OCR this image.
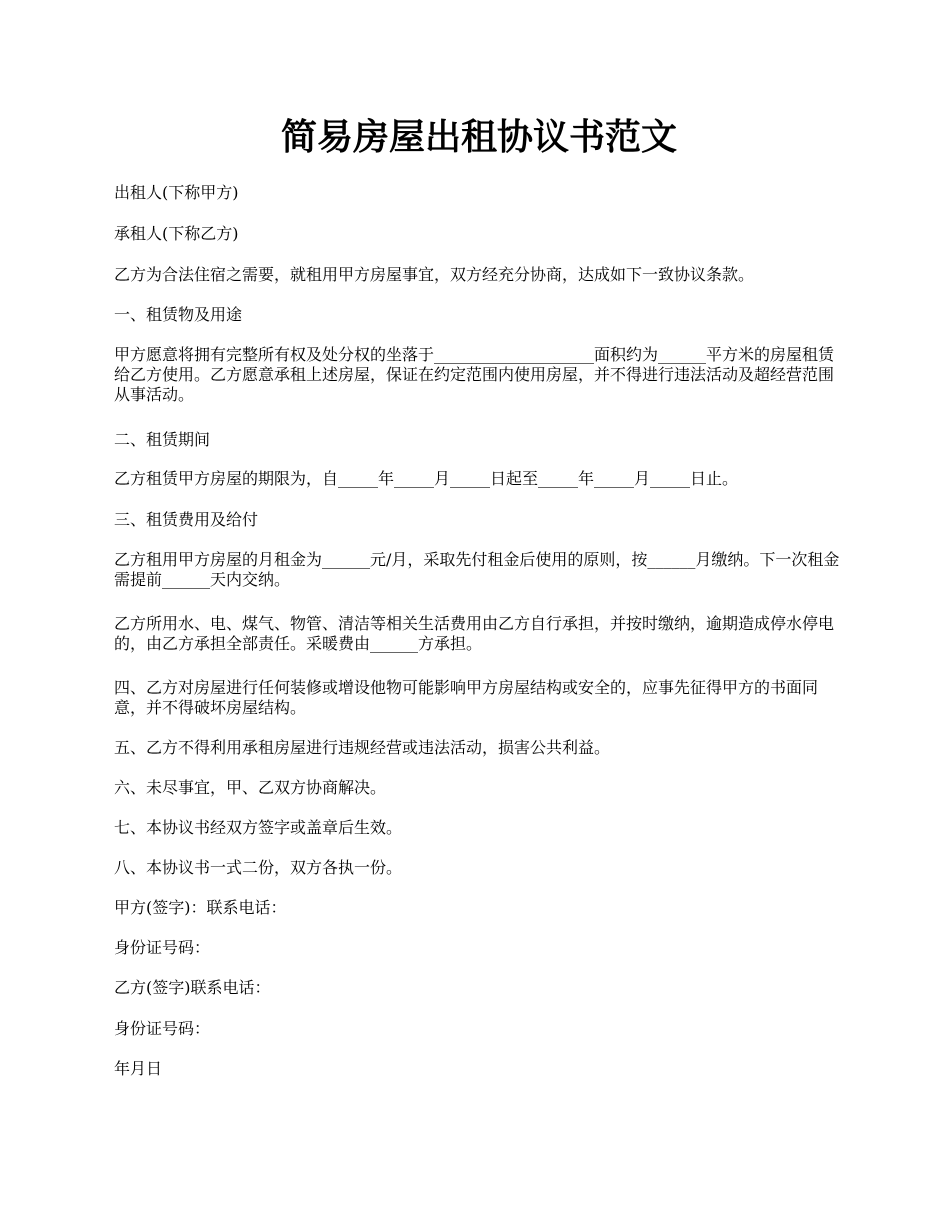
简易房屋出租协议书范文

出租人(下称甲方)

承租人(下称乙方)

乙方为合法住宿之需要，就租用甲方房屋事宜，双方经充分协商，达成如下一致协议条款。

一、租赁物及用途

甲方愿意将拥有完整所有权及处分权的坐落于____________________面积约为______平方米的房屋租赁给乙方使用。乙方愿意承租上述房屋，保证在约定范围内使用房屋，并不得进行违法活动及超经营范围从事活动。

二、租赁期间

乙方租赁甲方房屋的期限为，自_____年_____月_____日起至_____年_____月_____日止。

三、租赁费用及给付

乙方租用甲方房屋的月租金为______元/月，采取先付租金后使用的原则，按______月缴纳。下一次租金需提前______天内交纳。

乙方所用水、电、煤气、物管、清洁等相关生活费用由乙方自行承担，并按时缴纳，逾期造成停水停电的，由乙方承担全部责任。采暖费由______方承担。

四、乙方对房屋进行任何装修或增设他物可能影响甲方房屋结构或安全的，应事先征得甲方的书面同意，并不得破坏房屋结构。

五、乙方不得利用承租房屋进行违规经营或违法活动，损害公共利益。

六、未尽事宜，甲、乙双方协商解决。

七、本协议书经双方签字或盖章后生效。

八、本协议书一式二份，双方各执一份。

甲方(签字)：联系电话：

身份证号码：

乙方(签字)联系电话：

身份证号码：

年月日
